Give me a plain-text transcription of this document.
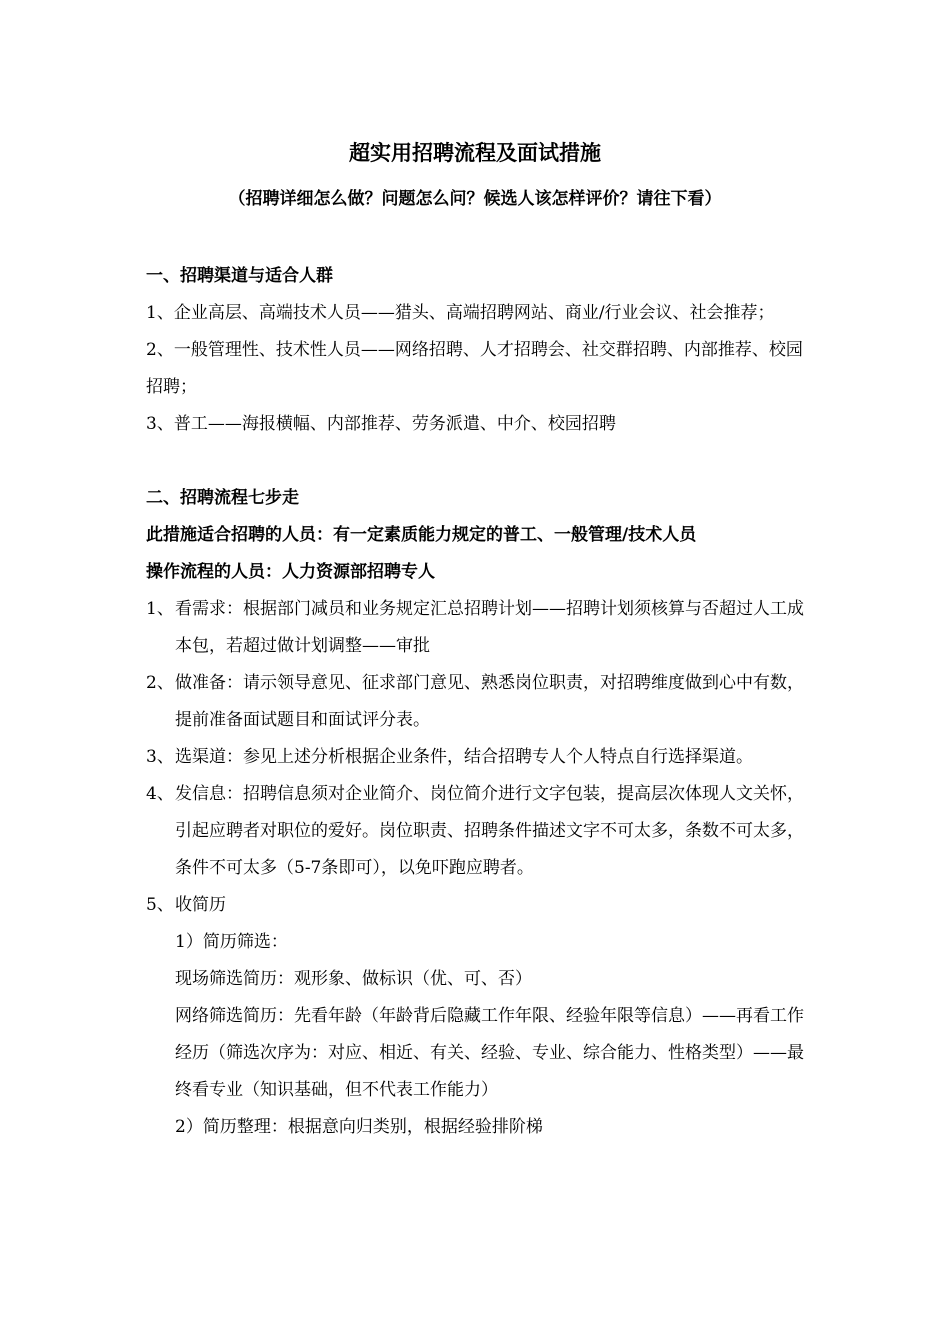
超实用招聘流程及面试措施
（招聘详细怎么做？问题怎么问？候选人该怎样评价？请往下看）

一、招聘渠道与适合人群

1、企业高层、高端技术人员——猎头、高端招聘网站、商业/行业会议、社会推荐；

2、一般管理性、技术性人员——网络招聘、人才招聘会、社交群招聘、内部推荐、校园招聘；

3、普工——海报横幅、内部推荐、劳务派遣、中介、校园招聘

二、招聘流程七步走

此措施适合招聘的人员：有一定素质能力规定的普工、一般管理/技术人员

操作流程的人员：人力资源部招聘专人

1、 看需求：根据部门减员和业务规定汇总招聘计划——招聘计划须核算与否超过人工成本包，若超过做计划调整——审批
2、 做准备：请示领导意见、征求部门意见、熟悉岗位职责，对招聘维度做到心中有数，提前准备面试题目和面试评分表。
3、 选渠道：参见上述分析根据企业条件，结合招聘专人个人特点自行选择渠道。
4、 发信息：招聘信息须对企业简介、岗位简介进行文字包装，提高层次体现人文关怀，引起应聘者对职位的爱好。岗位职责、招聘条件描述文字不可太多，条数不可太多，条件不可太多（5-7条即可），以免吓跑应聘者。
5、 收简历

1）简历筛选：

现场筛选简历：观形象、做标识（优、可、否）

网络筛选简历：先看年龄（年龄背后隐藏工作年限、经验年限等信息）——再看工作经历（筛选次序为：对应、相近、有关、经验、专业、综合能力、性格类型）——最终看专业（知识基础，但不代表工作能力）

2）简历整理：根据意向归类别，根据经验排阶梯
